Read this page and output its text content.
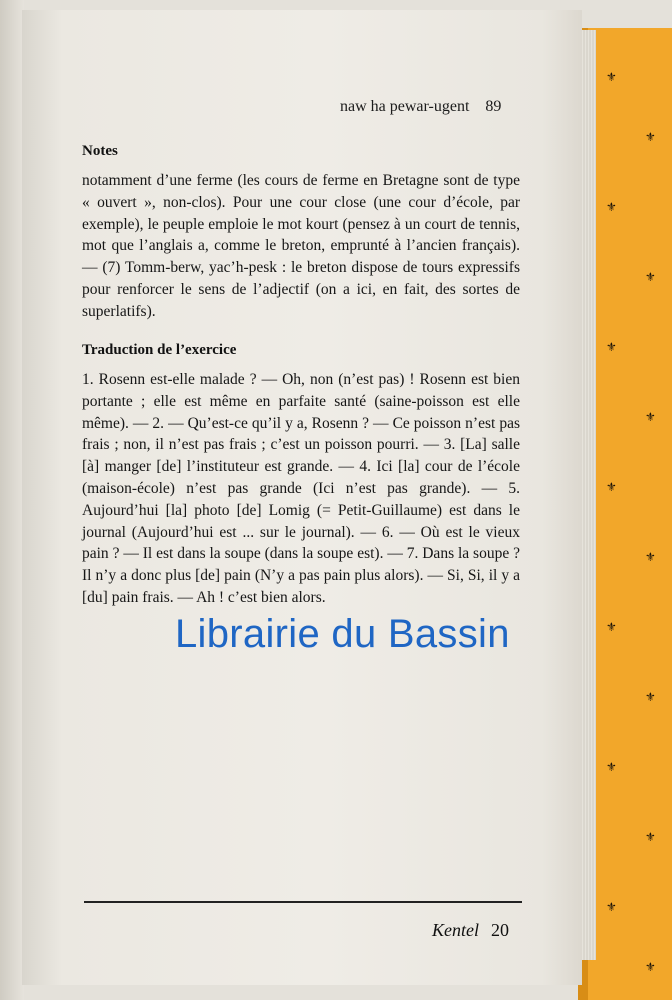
⚜
⚜
⚜
⚜
⚜
⚜
⚜
⚜
⚜
⚜
⚜
⚜
⚜
⚜
naw ha pewar-ugent 89
Notes
notamment d’une ferme (les cours de ferme en Bretagne sont de type « ouvert », non-clos). Pour une cour close (une cour d’école, par exemple), le peuple emploie le mot kourt (pensez à un court de tennis, mot que l’anglais a, comme le breton, emprunté à l’ancien français). — (7) Tomm-berw, yac’h-pesk : le breton dispose de tours expressifs pour renforcer le sens de l’adjectif (on a ici, en fait, des sortes de superlatifs).
Traduction de l’exercice
1. Rosenn est-elle malade ? — Oh, non (n’est pas) ! Rosenn est bien portante ; elle est même en parfaite santé (saine-poisson est elle même). — 2. — Qu’est-ce qu’il y a, Rosenn ? — Ce poisson n’est pas frais ; non, il n’est pas frais ; c’est un poisson pourri. — 3. [La] salle [à] manger [de] l’instituteur est grande. — 4. Ici [la] cour de l’école (maison-école) n’est pas grande (Ici n’est pas grande). — 5. Aujourd’hui [la] photo [de] Lomig (= Petit-Guillaume) est dans le journal (Aujourd’hui est ... sur le journal). — 6. — Où est le vieux pain ? — Il est dans la soupe (dans la soupe est). — 7. Dans la soupe ? Il n’y a donc plus [de] pain (N’y a pas pain plus alors). — Si, Si, il y a [du] pain frais. — Ah ! c’est bien alors.
Kentel 20
Librairie du Bassin
